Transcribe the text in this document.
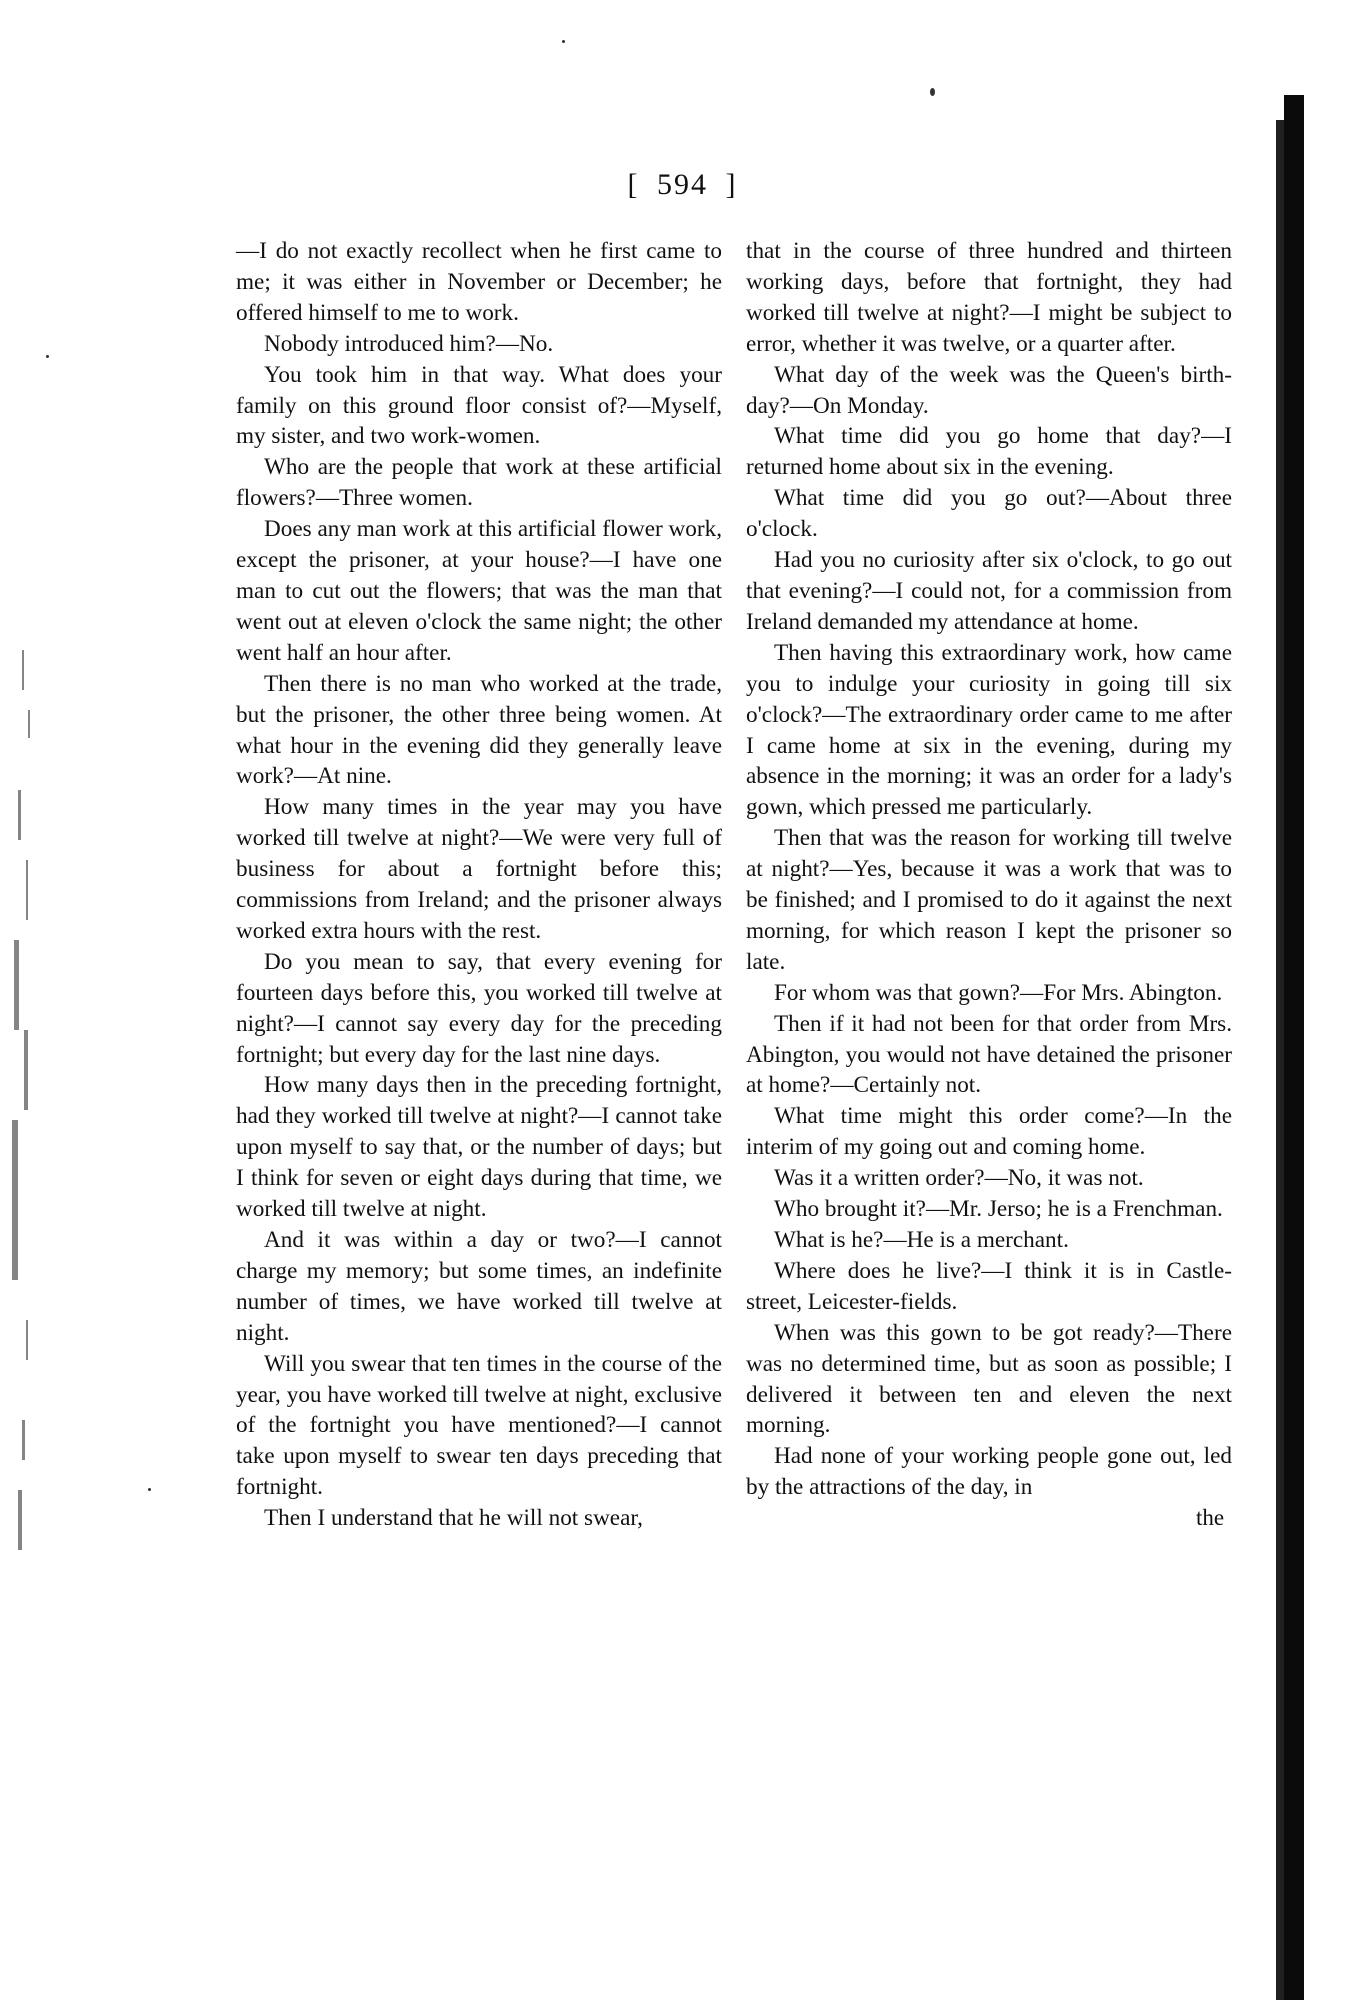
[ 594 ]

—I do not exactly recollect when he first came to me; it was either in November or December; he offered himself to me to work.

Nobody introduced him?—No.

You took him in that way. What does your family on this ground floor consist of?—Myself, my sister, and two work-women.

Who are the people that work at these artificial flowers?—Three women.

Does any man work at this artificial flower work, except the prisoner, at your house?—I have one man to cut out the flowers; that was the man that went out at eleven o'clock the same night; the other went half an hour after.

Then there is no man who worked at the trade, but the prisoner, the other three being women. At what hour in the evening did they generally leave work?—At nine.

How many times in the year may you have worked till twelve at night?—We were very full of business for about a fortnight before this; commissions from Ireland; and the prisoner always worked extra hours with the rest.

Do you mean to say, that every evening for fourteen days before this, you worked till twelve at night?—I cannot say every day for the preceding fortnight; but every day for the last nine days.

How many days then in the preceding fortnight, had they worked till twelve at night?—I cannot take upon myself to say that, or the number of days; but I think for seven or eight days during that time, we worked till twelve at night.

And it was within a day or two?—I cannot charge my memory; but some times, an indefinite number of times, we have worked till twelve at night.

Will you swear that ten times in the course of the year, you have worked till twelve at night, exclusive of the fortnight you have mentioned?—I cannot take upon myself to swear ten days preceding that fortnight.

Then I understand that he will not swear,

that in the course of three hundred and thirteen working days, before that fortnight, they had worked till twelve at night?—I might be subject to error, whether it was twelve, or a quarter after.

What day of the week was the Queen's birth-day?—On Monday.

What time did you go home that day?—I returned home about six in the evening.

What time did you go out?—About three o'clock.

Had you no curiosity after six o'clock, to go out that evening?—I could not, for a commission from Ireland demanded my attendance at home.

Then having this extraordinary work, how came you to indulge your curiosity in going till six o'clock?—The extraordinary order came to me after I came home at six in the evening, during my absence in the morning; it was an order for a lady's gown, which pressed me particularly.

Then that was the reason for working till twelve at night?—Yes, because it was a work that was to be finished; and I promised to do it against the next morning, for which reason I kept the prisoner so late.

For whom was that gown?—For Mrs. Abington.

Then if it had not been for that order from Mrs. Abington, you would not have detained the prisoner at home?—Certainly not.

What time might this order come?—In the interim of my going out and coming home.

Was it a written order?—No, it was not.

Who brought it?—Mr. Jerso; he is a Frenchman.

What is he?—He is a merchant.

Where does he live?—I think it is in Castle-street, Leicester-fields.

When was this gown to be got ready?—There was no determined time, but as soon as possible; I delivered it between ten and eleven the next morning.

Had none of your working people gone out, led by the attractions of the day, in

the
